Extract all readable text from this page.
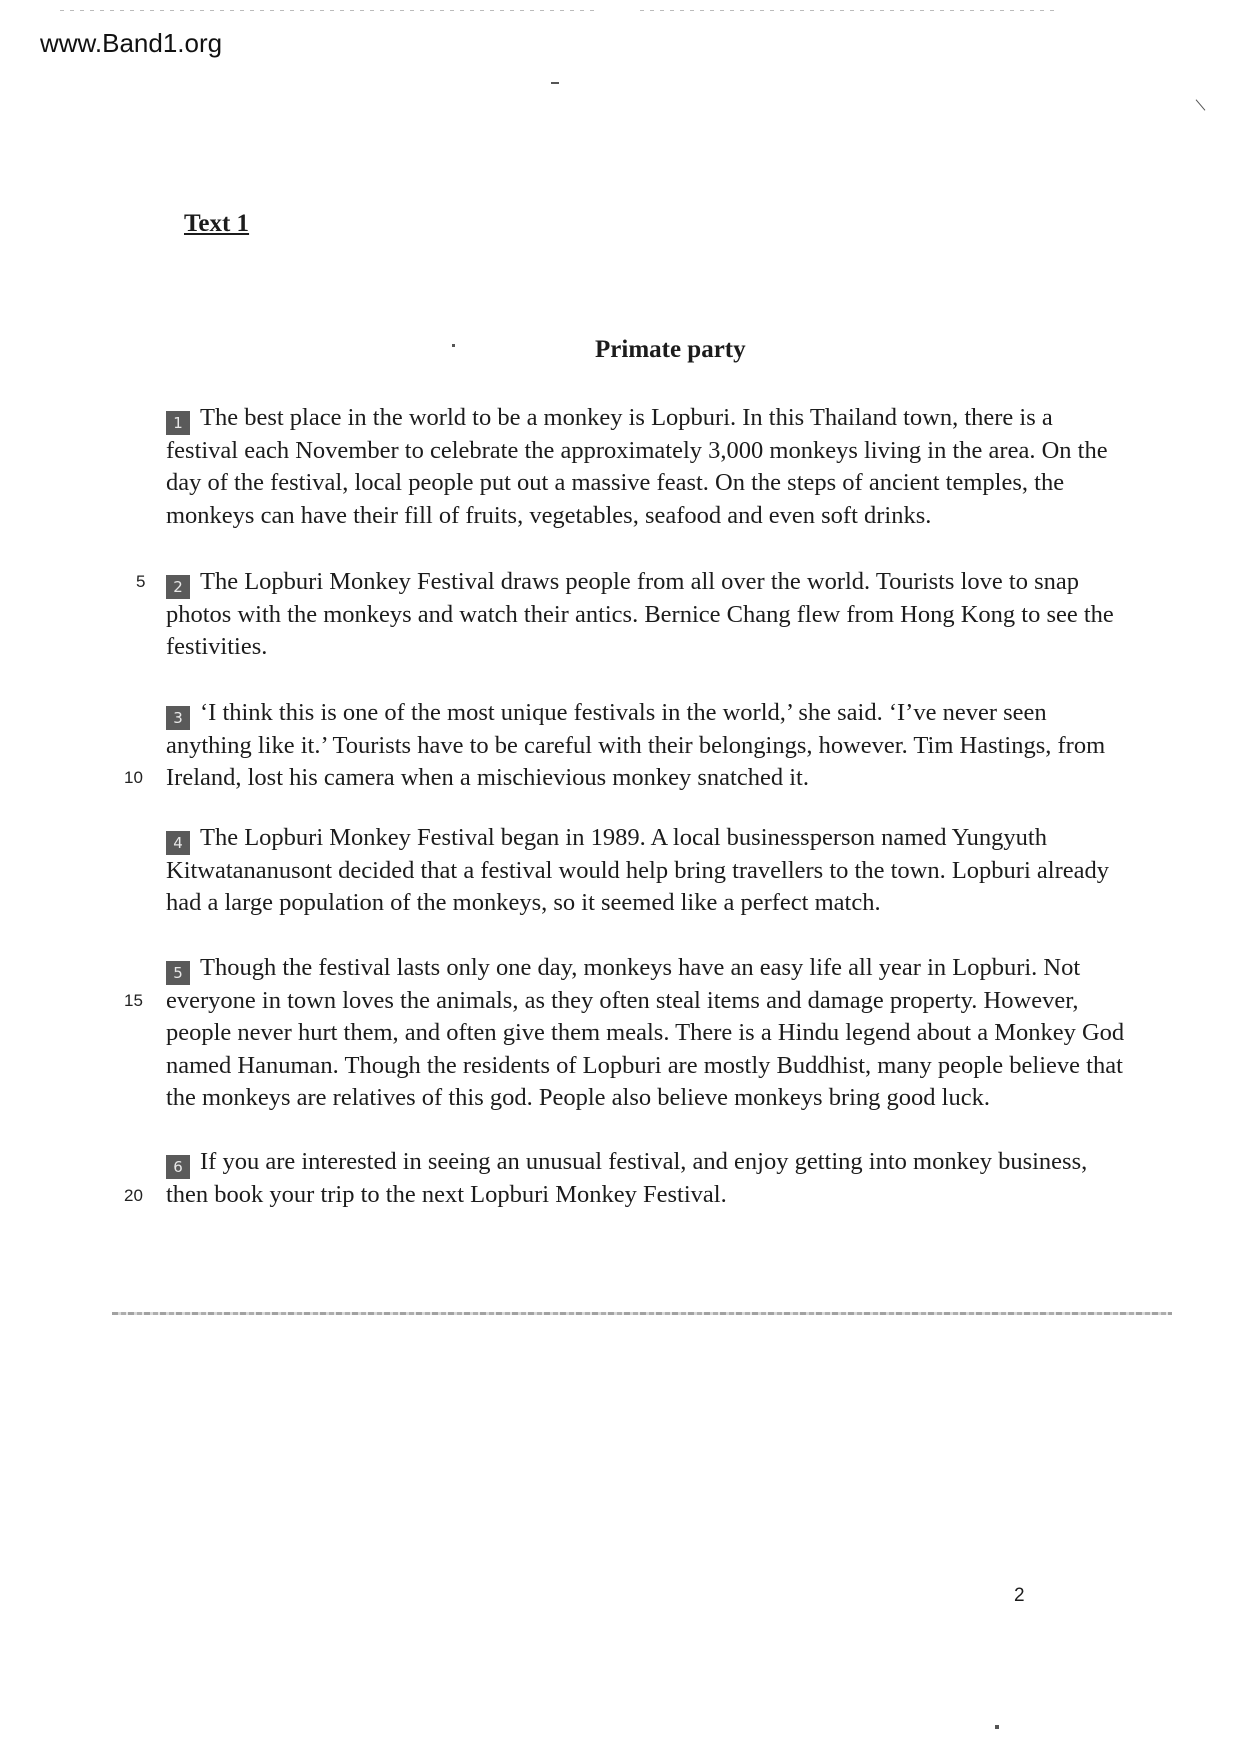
www.Band1.org
Text 1
Primate party
1 The best place in the world to be a monkey is Lopburi. In this Thailand town, there is a
festival each November to celebrate the approximately 3,000 monkeys living in the area. On the
day of the festival, local people put out a massive feast. On the steps of ancient temples, the
monkeys can have their fill of fruits, vegetables, seafood and even soft drinks.
2 The Lopburi Monkey Festival draws people from all over the world. Tourists love to snap
photos with the monkeys and watch their antics. Bernice Chang flew from Hong Kong to see the
festivities.
3 ‘I think this is one of the most unique festivals in the world,’ she said. ‘I’ve never seen
anything like it.’ Tourists have to be careful with their belongings, however. Tim Hastings, from
Ireland, lost his camera when a mischievious monkey snatched it.
4 The Lopburi Monkey Festival began in 1989. A local businessperson named Yungyuth
Kitwatananusont decided that a festival would help bring travellers to the town. Lopburi already
had a large population of the monkeys, so it seemed like a perfect match.
5 Though the festival lasts only one day, monkeys have an easy life all year in Lopburi. Not
everyone in town loves the animals, as they often steal items and damage property. However,
people never hurt them, and often give them meals. There is a Hindu legend about a Monkey God
named Hanuman. Though the residents of Lopburi are mostly Buddhist, many people believe that
the monkeys are relatives of this god. People also believe monkeys bring good luck.
6 If you are interested in seeing an unusual festival, and enjoy getting into monkey business,
then book your trip to the next Lopburi Monkey Festival.
5
10
15
20
2
